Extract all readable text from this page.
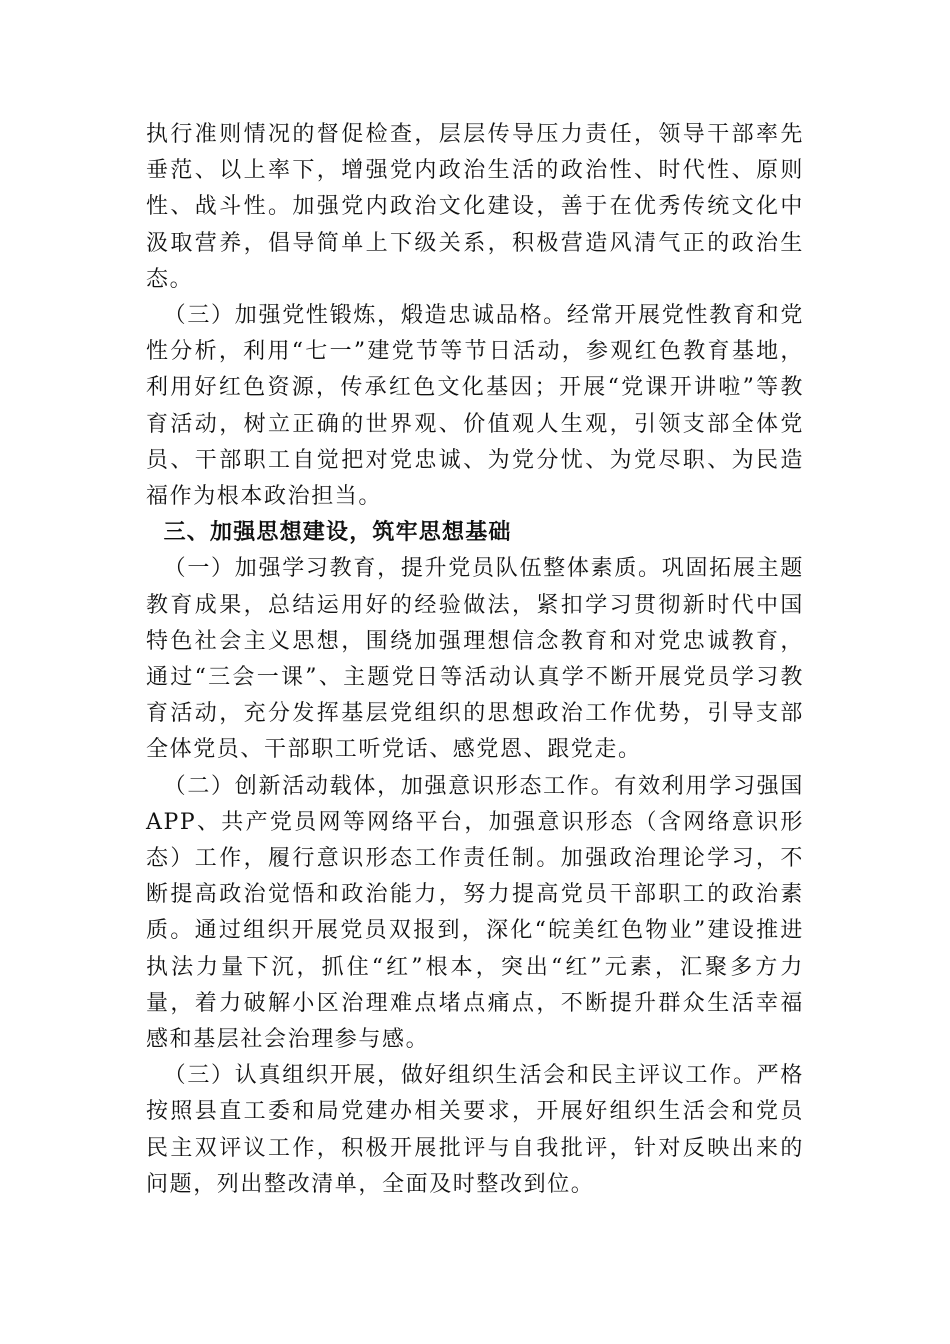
执行准则情况的督促检查，层层传导压力责任，领导干部率先垂范、以上率下，增强党内政治生活的政治性、时代性、原则性、战斗性。加强党内政治文化建设，善于在优秀传统文化中汲取营养，倡导简单上下级关系，积极营造风清气正的政治生态。

（三）加强党性锻炼，煅造忠诚品格。经常开展党性教育和党性分析，利用“七一”建党节等节日活动，参观红色教育基地，利用好红色资源，传承红色文化基因；开展“党课开讲啦”等教育活动，树立正确的世界观、价值观人生观，引领支部全体党员、干部职工自觉把对党忠诚、为党分忧、为党尽职、为民造福作为根本政治担当。

三、加强思想建设，筑牢思想基础

（一）加强学习教育，提升党员队伍整体素质。巩固拓展主题教育成果，总结运用好的经验做法，紧扣学习贯彻新时代中国特色社会主义思想，围绕加强理想信念教育和对党忠诚教育，通过“三会一课”、主题党日等活动认真学不断开展党员学习教育活动，充分发挥基层党组织的思想政治工作优势，引导支部全体党员、干部职工听党话、感党恩、跟党走。

（二）创新活动载体，加强意识形态工作。有效利用学习强国APP、共产党员网等网络平台，加强意识形态（含网络意识形态）工作，履行意识形态工作责任制。加强政治理论学习，不断提高政治觉悟和政治能力，努力提高党员干部职工的政治素质。通过组织开展党员双报到，深化“皖美红色物业”建设推进执法力量下沉，抓住“红”根本，突出“红”元素，汇聚多方力量，着力破解小区治理难点堵点痛点，不断提升群众生活幸福感和基层社会治理参与感。

（三）认真组织开展，做好组织生活会和民主评议工作。严格按照县直工委和局党建办相关要求，开展好组织生活会和党员民主双评议工作，积极开展批评与自我批评，针对反映出来的问题，列出整改清单，全面及时整改到位。
